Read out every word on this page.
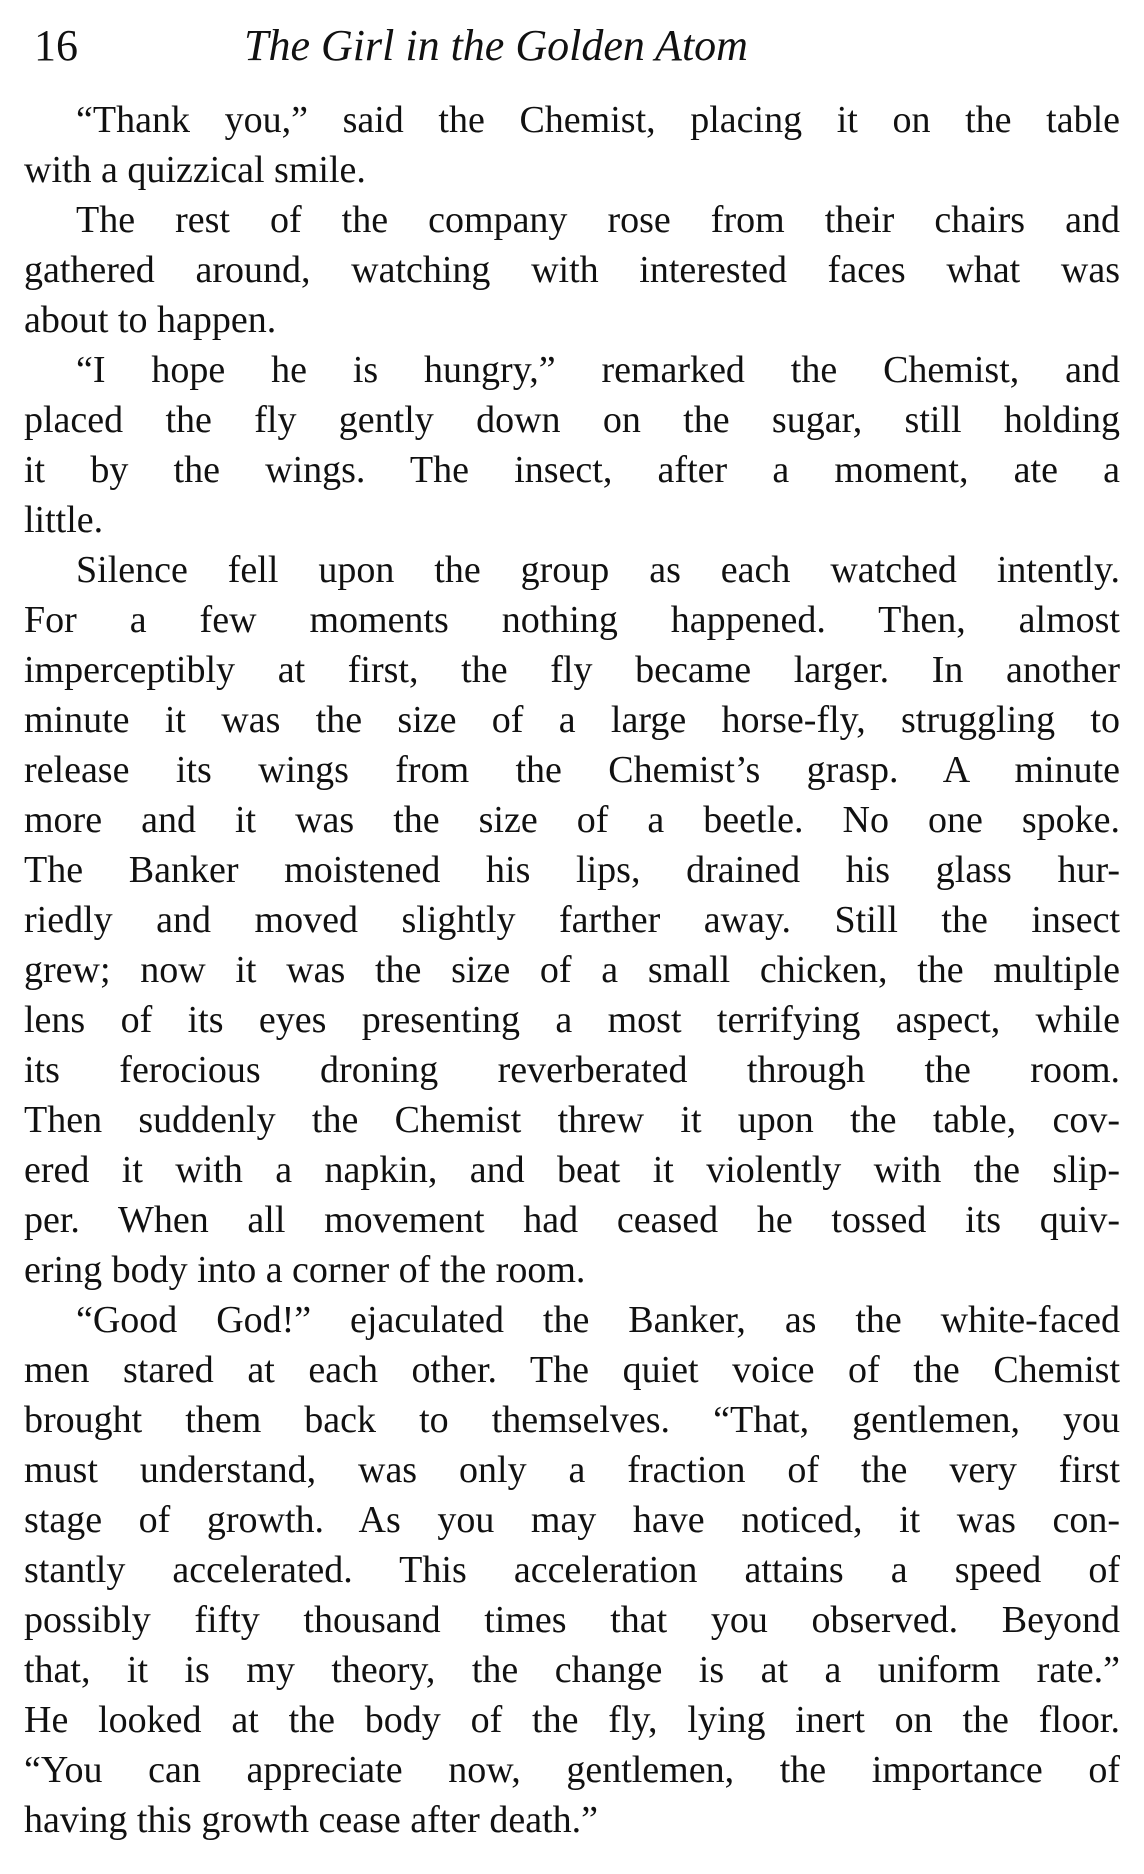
16	The Girl in the Golden Atom
“Thank you,” said the Chemist, placing it on the table
with a quizzical smile.
The rest of the company rose from their chairs and
gathered around, watching with interested faces what was
about to happen.
“I hope he is hungry,” remarked the Chemist, and
placed the fly gently down on the sugar, still holding
it by the wings. The insect, after a moment, ate a
little.
Silence fell upon the group as each watched intently.
For a few moments nothing happened. Then, almost
imperceptibly at first, the fly became larger. In another
minute it was the size of a large horse-fly, struggling to
release its wings from the Chemist’s grasp. A minute
more and it was the size of a beetle. No one spoke.
The Banker moistened his lips, drained his glass hur-
riedly and moved slightly farther away. Still the insect
grew; now it was the size of a small chicken, the multiple
lens of its eyes presenting a most terrifying aspect, while
its ferocious droning reverberated through the room.
Then suddenly the Chemist threw it upon the table, cov-
ered it with a napkin, and beat it violently with the slip-
per. When all movement had ceased he tossed its quiv-
ering body into a corner of the room.
“Good God!” ejaculated the Banker, as the white-faced
men stared at each other. The quiet voice of the Chemist
brought them back to themselves. “That, gentlemen, you
must understand, was only a fraction of the very first
stage of growth. As you may have noticed, it was con-
stantly accelerated. This acceleration attains a speed of
possibly fifty thousand times that you observed. Beyond
that, it is my theory, the change is at a uniform rate.”
He looked at the body of the fly, lying inert on the floor.
“You can appreciate now, gentlemen, the importance of
having this growth cease after death.”
